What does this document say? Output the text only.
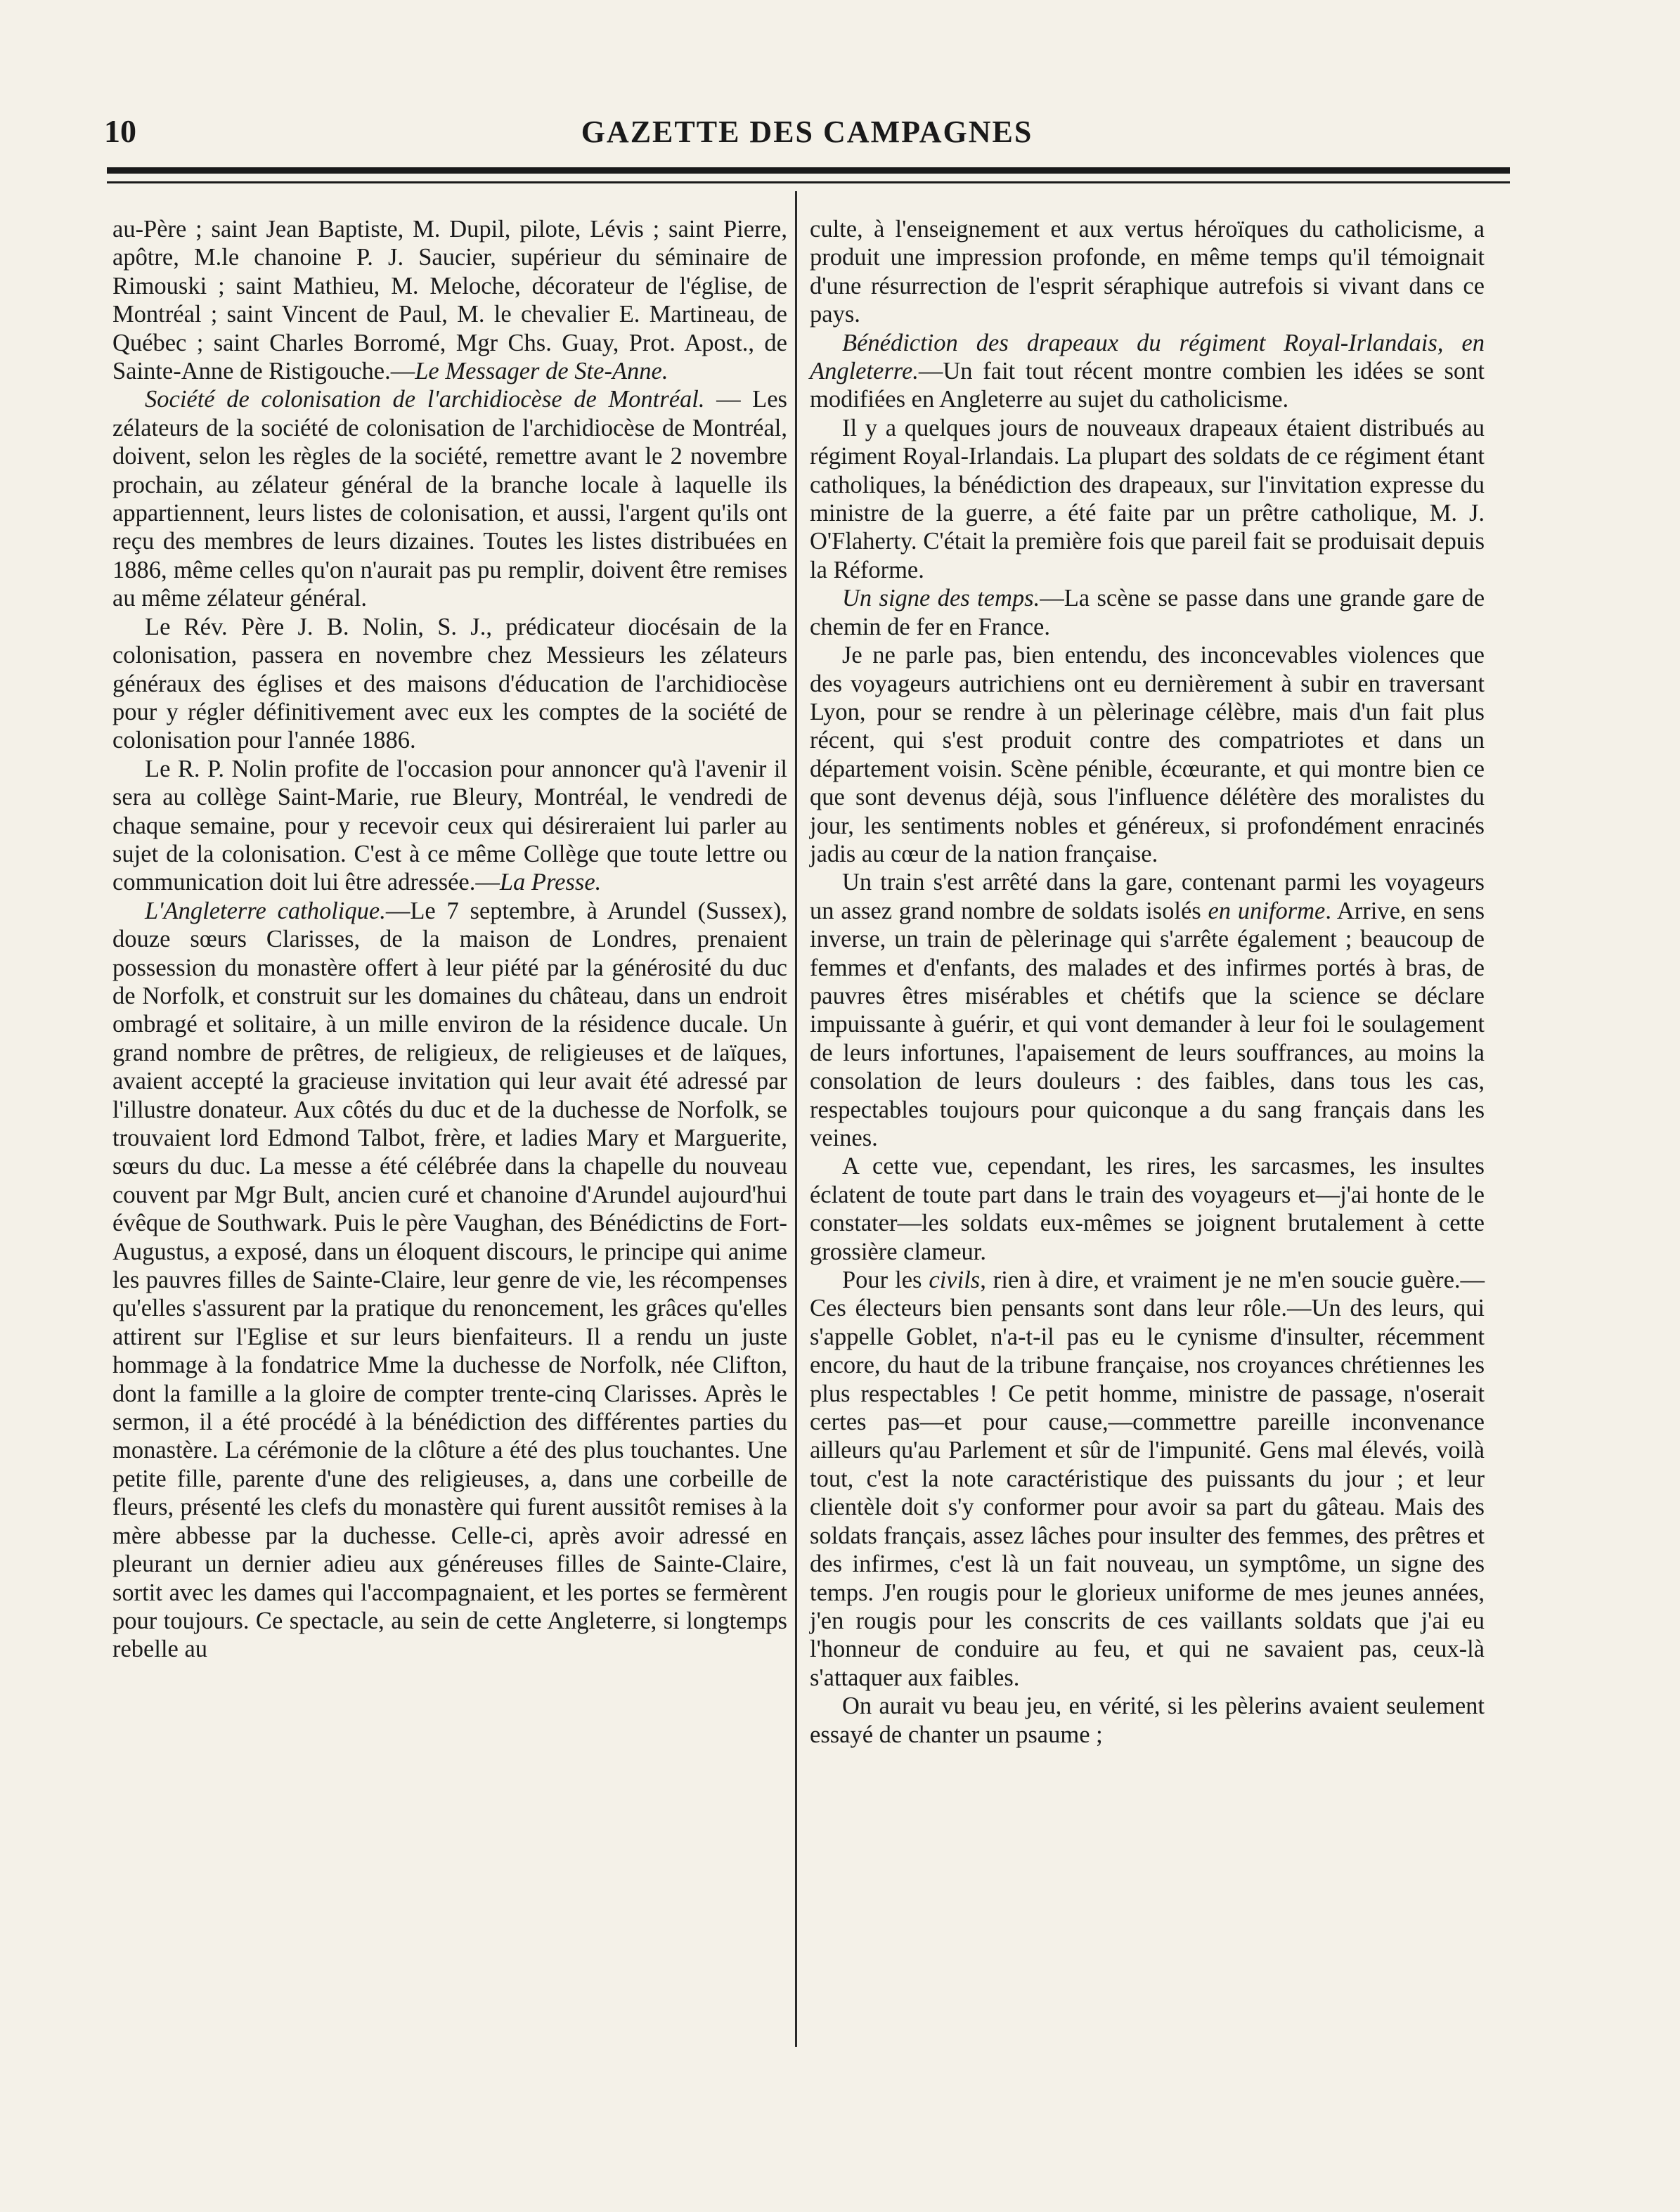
10	GAZETTE DES CAMPAGNES

au-Père ; saint Jean Baptiste, M. Dupil, pilote, Lévis ; saint Pierre, apôtre, M.le chanoine P. J. Saucier, supérieur du séminaire de Rimouski ; saint Mathieu, M. Meloche, décorateur de l'église, de Montréal ; saint Vincent de Paul, M. le chevalier E. Martineau, de Québec ; saint Charles Borromé, Mgr Chs. Guay, Prot. Apost., de Sainte-Anne de Ristigouche.—Le Messager de Ste-Anne.

Société de colonisation de l'archidiocèse de Montréal. — Les zélateurs de la société de colonisation de l'archidiocèse de Montréal, doivent, selon les règles de la société, remettre avant le 2 novembre prochain, au zélateur général de la branche locale à laquelle ils appartiennent, leurs listes de colonisation, et aussi, l'argent qu'ils ont reçu des membres de leurs dizaines. Toutes les listes distribuées en 1886, même celles qu'on n'aurait pas pu remplir, doivent être remises au même zélateur général.

Le Rév. Père J. B. Nolin, S. J., prédicateur diocésain de la colonisation, passera en novembre chez Messieurs les zélateurs généraux des églises et des maisons d'éducation de l'archidiocèse pour y régler définitivement avec eux les comptes de la société de colonisation pour l'année 1886.

Le R. P. Nolin profite de l'occasion pour annoncer qu'à l'avenir il sera au collège Saint-Marie, rue Bleury, Montréal, le vendredi de chaque semaine, pour y recevoir ceux qui désireraient lui parler au sujet de la colonisation. C'est à ce même Collège que toute lettre ou communication doit lui être adressée.—La Presse.

L'Angleterre catholique.—Le 7 septembre, à Arundel (Sussex), douze sœurs Clarisses, de la maison de Londres, prenaient possession du monastère offert à leur piété par la générosité du duc de Norfolk, et construit sur les domaines du château, dans un endroit ombragé et solitaire, à un mille environ de la résidence ducale. Un grand nombre de prêtres, de religieux, de religieuses et de laïques, avaient accepté la gracieuse invitation qui leur avait été adressé par l'illustre donateur. Aux côtés du duc et de la duchesse de Norfolk, se trouvaient lord Edmond Talbot, frère, et ladies Mary et Marguerite, sœurs du duc. La messe a été célébrée dans la chapelle du nouveau couvent par Mgr Bult, ancien curé et chanoine d'Arundel aujourd'hui évêque de Southwark. Puis le père Vaughan, des Bénédictins de Fort-Augustus, a exposé, dans un éloquent discours, le principe qui anime les pauvres filles de Sainte-Claire, leur genre de vie, les récompenses qu'elles s'assurent par la pratique du renoncement, les grâces qu'elles attirent sur l'Eglise et sur leurs bienfaiteurs. Il a rendu un juste hommage à la fondatrice Mme la duchesse de Norfolk, née Clifton, dont la famille a la gloire de compter trente-cinq Clarisses. Après le sermon, il a été procédé à la bénédiction des différentes parties du monastère. La cérémonie de la clôture a été des plus touchantes. Une petite fille, parente d'une des religieuses, a, dans une corbeille de fleurs, présenté les clefs du monastère qui furent aussitôt remises à la mère abbesse par la duchesse. Celle-ci, après avoir adressé en pleurant un dernier adieu aux généreuses filles de Sainte-Claire, sortit avec les dames qui l'accompagnaient, et les portes se fermèrent pour toujours. Ce spectacle, au sein de cette Angleterre, si longtemps rebelle au

culte, à l'enseignement et aux vertus héroïques du catholicisme, a produit une impression profonde, en même temps qu'il témoignait d'une résurrection de l'esprit séraphique autrefois si vivant dans ce pays.

Bénédiction des drapeaux du régiment Royal-Irlandais, en Angleterre.—Un fait tout récent montre combien les idées se sont modifiées en Angleterre au sujet du catholicisme.

Il y a quelques jours de nouveaux drapeaux étaient distribués au régiment Royal-Irlandais. La plupart des soldats de ce régiment étant catholiques, la bénédiction des drapeaux, sur l'invitation expresse du ministre de la guerre, a été faite par un prêtre catholique, M. J. O'Flaherty. C'était la première fois que pareil fait se produisait depuis la Réforme.

Un signe des temps.—La scène se passe dans une grande gare de chemin de fer en France.

Je ne parle pas, bien entendu, des inconcevables violences que des voyageurs autrichiens ont eu dernièrement à subir en traversant Lyon, pour se rendre à un pèlerinage célèbre, mais d'un fait plus récent, qui s'est produit contre des compatriotes et dans un département voisin. Scène pénible, écœurante, et qui montre bien ce que sont devenus déjà, sous l'influence délétère des moralistes du jour, les sentiments nobles et généreux, si profondément enracinés jadis au cœur de la nation française.

Un train s'est arrêté dans la gare, contenant parmi les voyageurs un assez grand nombre de soldats isolés en uniforme. Arrive, en sens inverse, un train de pèlerinage qui s'arrête également ; beaucoup de femmes et d'enfants, des malades et des infirmes portés à bras, de pauvres êtres misérables et chétifs que la science se déclare impuissante à guérir, et qui vont demander à leur foi le soulagement de leurs infortunes, l'apaisement de leurs souffrances, au moins la consolation de leurs douleurs : des faibles, dans tous les cas, respectables toujours pour quiconque a du sang français dans les veines.

A cette vue, cependant, les rires, les sarcasmes, les insultes éclatent de toute part dans le train des voyageurs et—j'ai honte de le constater—les soldats eux-mêmes se joignent brutalement à cette grossière clameur.

Pour les civils, rien à dire, et vraiment je ne m'en soucie guère.—Ces électeurs bien pensants sont dans leur rôle.—Un des leurs, qui s'appelle Goblet, n'a-t-il pas eu le cynisme d'insulter, récemment encore, du haut de la tribune française, nos croyances chrétiennes les plus respectables ! Ce petit homme, ministre de passage, n'oserait certes pas—et pour cause,—commettre pareille inconvenance ailleurs qu'au Parlement et sûr de l'impunité. Gens mal élevés, voilà tout, c'est la note caractéristique des puissants du jour ; et leur clientèle doit s'y conformer pour avoir sa part du gâteau. Mais des soldats français, assez lâches pour insulter des femmes, des prêtres et des infirmes, c'est là un fait nouveau, un symptôme, un signe des temps. J'en rougis pour le glorieux uniforme de mes jeunes années, j'en rougis pour les conscrits de ces vaillants soldats que j'ai eu l'honneur de conduire au feu, et qui ne savaient pas, ceux-là s'attaquer aux faibles.

On aurait vu beau jeu, en vérité, si les pèlerins avaient seulement essayé de chanter un psaume ;
